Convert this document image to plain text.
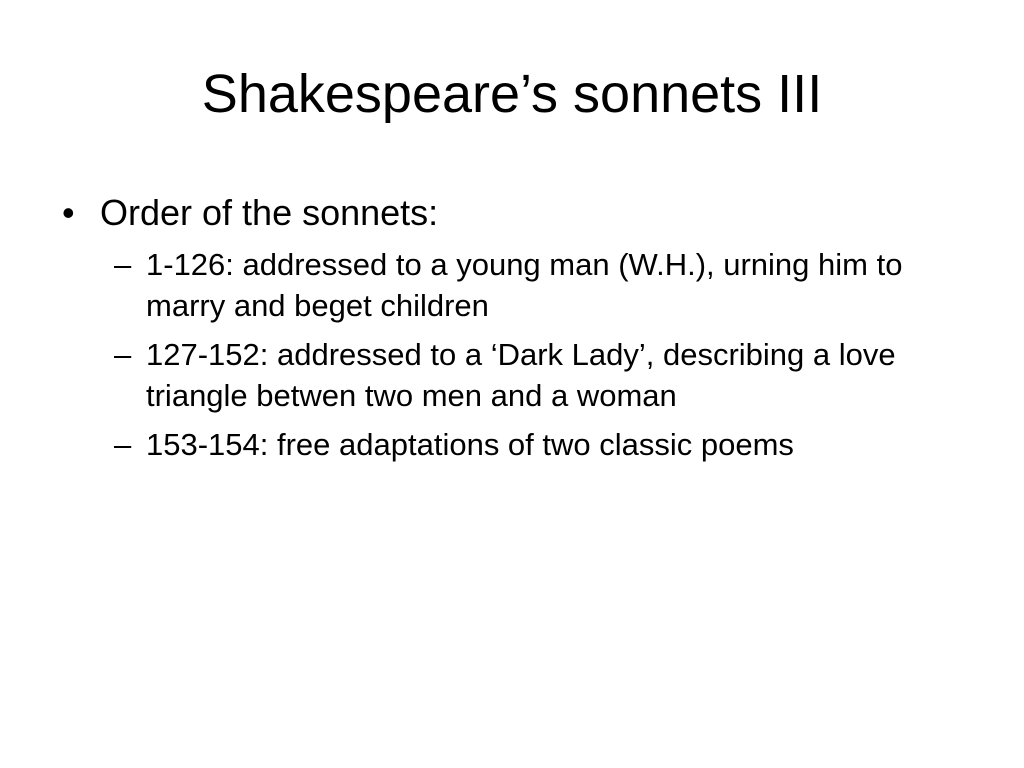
Shakespeare’s sonnets III
• Order of the sonnets:
– 1-126: addressed to a young man (W.H.), urning him to marry and beget children
– 127-152: addressed to a ‘Dark Lady’, describing a love triangle betwen two men and a woman
– 153-154: free adaptations of two classic poems
